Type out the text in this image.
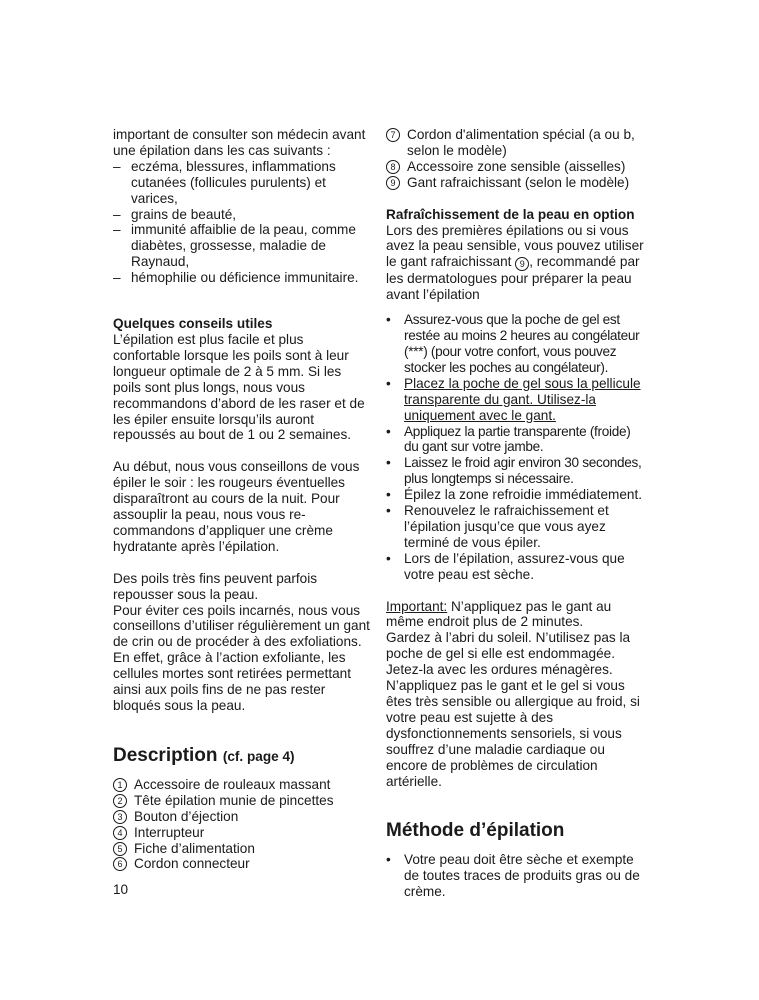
important de consulter son médecin avant une épilation dans les cas suivants :

– eczéma, blessures, inflammations cutanées (follicules purulents) et varices,
– grains de beauté,
– immunité affaiblie de la peau, comme diabètes, grossesse, maladie de Raynaud,
– hémophilie ou déficience immunitaire.

Quelques conseils utiles

L’épilation est plus facile et plus confortable lorsque les poils sont à leur longueur optimale de 2 à 5 mm. Si les poils sont plus longs, nous vous recommandons d’abord de les raser et de les épiler ensuite lorsqu’ils auront repoussés au bout de 1 ou 2 semaines.

Au début, nous vous conseillons de vous épiler le soir : les rougeurs éventuelles disparaîtront au cours de la nuit. Pour assouplir la peau, nous vous re-commandons d’appliquer une crème hydratante après l’épilation.

Des poils très fins peuvent parfois repousser sous la peau.

Pour éviter ces poils incarnés, nous vous conseillons d’utiliser régulièrement un gant de crin ou de procéder à des exfoliations. En effet, grâce à l’action exfoliante, les cellules mortes sont retirées permettant ainsi aux poils fins de ne pas rester bloqués sous la peau.

Description (cf. page 4)
1 Accessoire de rouleaux massant
2 Tête épilation munie de pincettes
3 Bouton d’éjection
4 Interrupteur
5 Fiche d’alimentation
6 Cordon connecteur
10
7 Cordon d'alimentation spécial (a ou b, selon le modèle)
8 Accessoire zone sensible (aisselles)
9 Gant rafraichissant (selon le modèle)

Rafraîchissement de la peau en option

Lors des premières épilations ou si vous avez la peau sensible, vous pouvez utiliser le gant rafraichissant 9 , recommandé par les dermatologues pour préparer la peau avant l’épilation

• Assurez-vous que la poche de gel est restée au moins 2 heures au congélateur (***) (pour votre confort, vous pouvez stocker les poches au congélateur).
• Placez la poche de gel sous la pellicule transparente du gant. Utilisez-la uniquement avec le gant.
• Appliquez la partie transparente (froide) du gant sur votre jambe.
• Laissez le froid agir environ 30 secondes, plus longtemps si nécessaire.
• Épilez la zone refroidie immédiatement.
• Renouvelez le rafraichissement et l’épilation jusqu’ce que vous ayez terminé de vous épiler.
• Lors de l’épilation, assurez-vous que votre peau est sèche.

Important: N’appliquez pas le gant au même endroit plus de 2 minutes.

Gardez à l’abri du soleil. N’utilisez pas la poche de gel si elle est endommagée. Jetez-la avec les ordures ménagères. N’appliquez pas le gant et le gel si vous êtes très sensible ou allergique au froid, si votre peau est sujette à des dysfonctionnements sensoriels, si vous souffrez d’une maladie cardiaque ou encore de problèmes de circulation artérielle.

Méthode d’épilation
• Votre peau doit être sèche et exempte de toutes traces de produits gras ou de crème.
